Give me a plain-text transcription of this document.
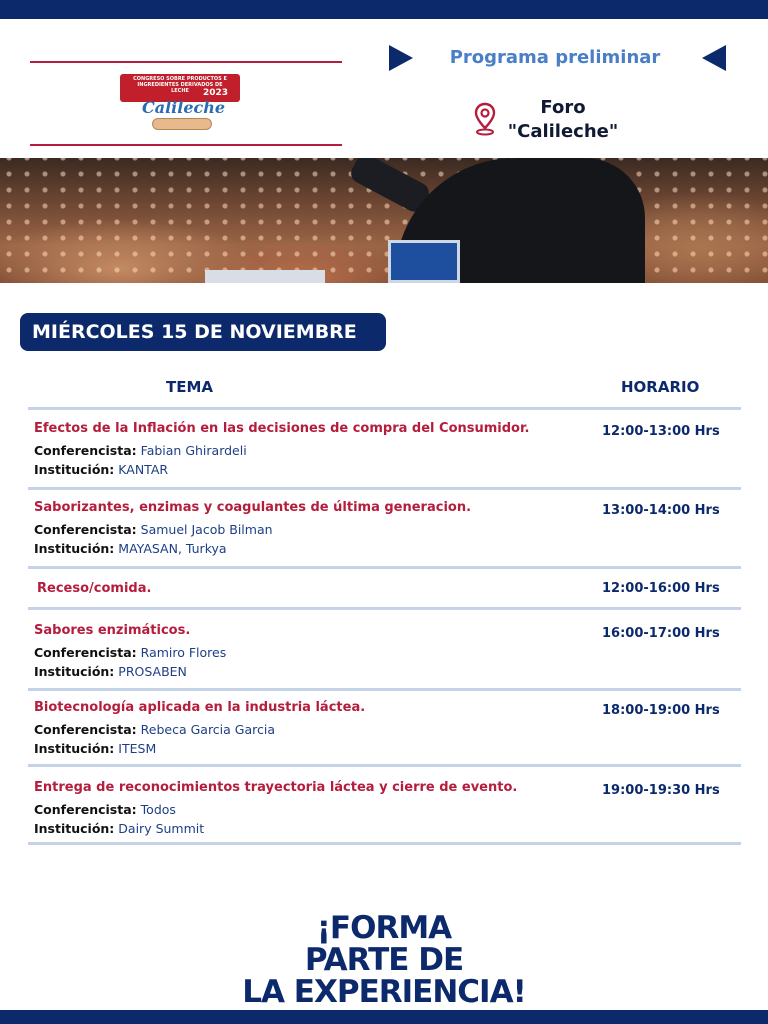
CONGRESO SOBRE PRODUCTOS E INGREDIENTES DERIVADOS DE LECHE	2023
Calileche
Programa preliminar
Foro
"Calileche"
MIÉRCOLES 15 DE NOVIEMBRE
TEMA	HORARIO
Efectos de la Inflación en las decisiones de compra del Consumidor.	12:00-13:00 Hrs
Conferencista: Fabian Ghirardeli
Institución: KANTAR
Saborizantes, enzimas y coagulantes de última generacion.	13:00-14:00 Hrs
Conferencista: Samuel Jacob Bilman
Institución: MAYASAN, Turkya
Receso/comida.	12:00-16:00 Hrs
Sabores enzimáticos.	16:00-17:00 Hrs
Conferencista: Ramiro Flores
Institución: PROSABEN
Biotecnología aplicada en la industria láctea.	18:00-19:00 Hrs
Conferencista: Rebeca Garcia Garcia
Institución: ITESM
Entrega de reconocimientos trayectoria láctea y cierre de evento.	19:00-19:30 Hrs
Conferencista: Todos
Institución: Dairy Summit
¡FORMA
PARTE DE
LA EXPERIENCIA!
